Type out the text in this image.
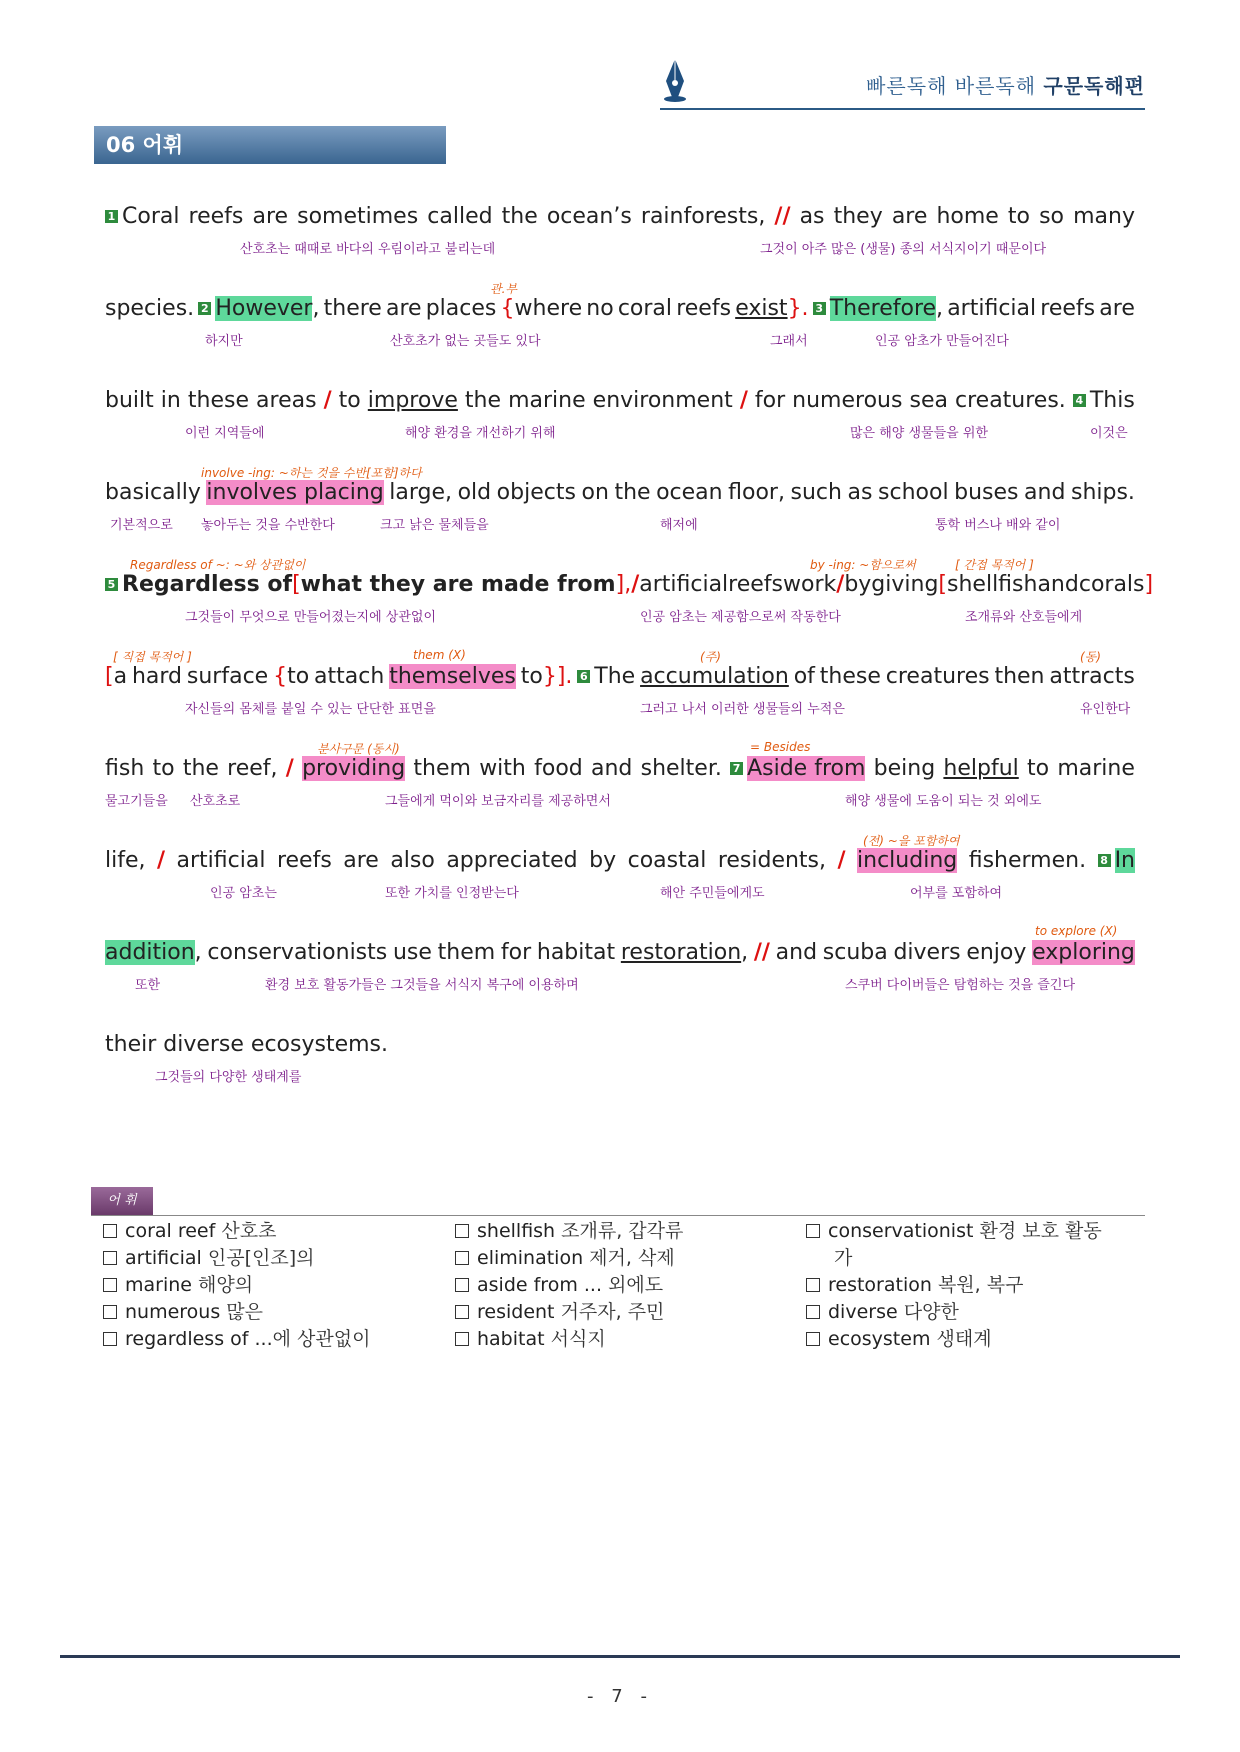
빠른독해 바른독해 구문독해편
06 어휘
1 Coral reefs are sometimes called the ocean’s rainforests, // as they are home to so many
산호초는 때때로 바다의 우림이라고 불리는데	그것이 아주 많은 (생물) 종의 서식지이기 때문이다
관.부
species. 2 However, there are places {where no coral reefs exist}. 3 Therefore, artificial reefs are
하지만	산호초가 없는 곳들도 있다	그래서	인공 암초가 만들어진다
built in these areas / to improve the marine environment / for numerous sea creatures. 4 This
이런 지역들에	해양 환경을 개선하기 위해	많은 해양 생물들을 위한	이것은
involve -ing: ~하는 것을 수반[포함]하다
basically involves placing large, old objects on the ocean floor, such as school buses and ships.
기본적으로 놓아두는 것을 수반한다	크고 낡은 물체들을	해저에	통학 버스나 배와 같이
Regardless of ~: ~와 상관없이	by -ing: ~함으로써	[ 간접 목적어 ]
5 Regardless of [what they are made from], / artificial reefs work / by giving [shellfish and corals]
그것들이 무엇으로 만들어졌는지에 상관없이	인공 암초는 제공함으로써 작동한다	조개류와 산호들에게
[ 직접 목적어 ]	them (X)	(주)	(동)
[a hard surface {to attach themselves to}]. 6 The accumulation of these creatures then attracts
자신들의 몸체를 붙일 수 있는 단단한 표면을	그러고 나서 이러한 생물들의 누적은	유인한다
분사구문 (동시)	= Besides
fish to the reef, / providing them with food and shelter. 7 Aside from being helpful to marine
물고기들을 산호초로	그들에게 먹이와 보금자리를 제공하면서	해양 생물에 도움이 되는 것 외에도
(전) ~을 포함하여
life, / artificial reefs are also appreciated by coastal residents, / including fishermen. 8 In
인공 암초는	또한 가치를 인정받는다	해안 주민들에게도	어부를 포함하여
to explore (X)
addition, conservationists use them for habitat restoration, // and scuba divers enjoy exploring
또한	환경 보호 활동가들은 그것들을 서식지 복구에 이용하며	스쿠버 다이버들은 탐험하는 것을 즐긴다
their diverse ecosystems.
그것들의 다양한 생태계를
어 휘
coral reef 산호초
artificial 인공[인조]의
marine 해양의
numerous 많은
regardless of ...에 상관없이
shellfish 조개류, 갑각류
elimination 제거, 삭제
aside from ... 외에도
resident 거주자, 주민
habitat 서식지
conservationist 환경 보호 활동
가
restoration 복원, 복구
diverse 다양한
ecosystem 생태계
- 7 -
